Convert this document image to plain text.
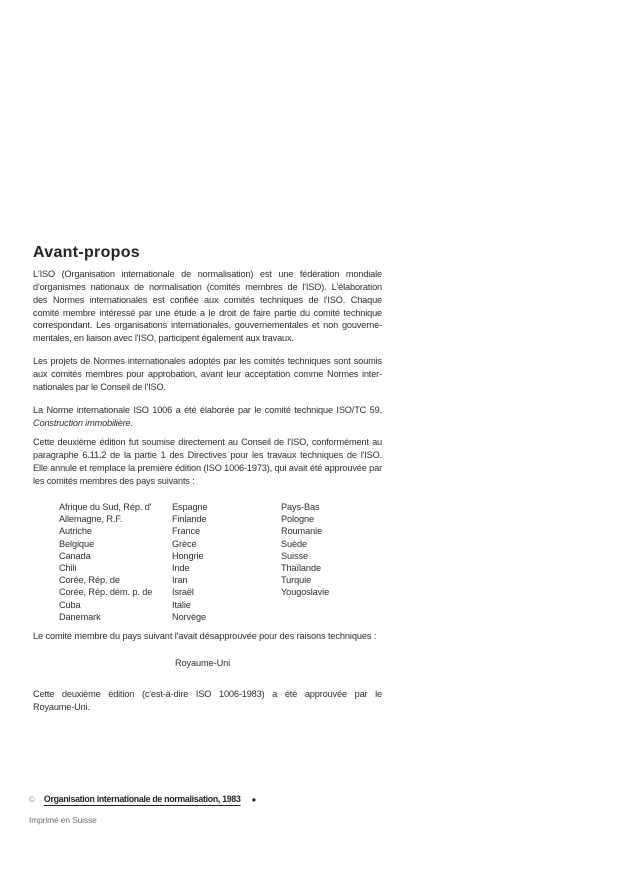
Avant-propos
L'ISO (Organisation internationale de normalisation) est une fédération mondiale
d'organismes nationaux de normalisation (comités membres de l'ISO). L'élaboration
des Normes internationales est confiée aux comités techniques de l'ISO. Chaque
comité membre intéressé par une étude a le droit de faire partie du comité technique
correspondant. Les organisations internationales, gouvernementales et non gouverne-
mentales, en liaison avec l'ISO, participent également aux travaux.
Les projets de Normes internationales adoptés par les comités techniques sont soumis
aux comités membres pour approbation, avant leur acceptation comme Normes inter-
nationales par le Conseil de l'ISO.
La Norme internationale ISO 1006 a été élaborée par le comité technique ISO/TC 59,
Construction immobilière.
Cette deuxième édition fut soumise directement au Conseil de l'ISO, conformément au
paragraphe 6.11.2 de la partie 1 des Directives pour les travaux techniques de l'ISO.
Elle annule et remplace la première édition (ISO 1006-1973), qui avait été approuvée par
les comités membres des pays suivants :
Afrique du Sud, Rép. d'
Allemagne, R.F.
Autriche
Belgique
Canada
Chili
Corée, Rép. de
Corée, Rép. dém. p. de
Cuba
Danemark
Espagne
Finlande
France
Grèce
Hongrie
Inde
Iran
Israël
Italie
Norvège
Pays-Bas
Pologne
Roumanie
Suède
Suisse
Thaïlande
Turquie
Yougoslavie
Le comité membre du pays suivant l'avait désapprouvée pour des raisons techniques :
Royaume-Uni
Cette deuxième édition (c'est-à-dire ISO 1006-1983) a été approuvée par le
Royaume-Uni.
© Organisation internationale de normalisation, 1983 ●
Imprimé en Suisse
